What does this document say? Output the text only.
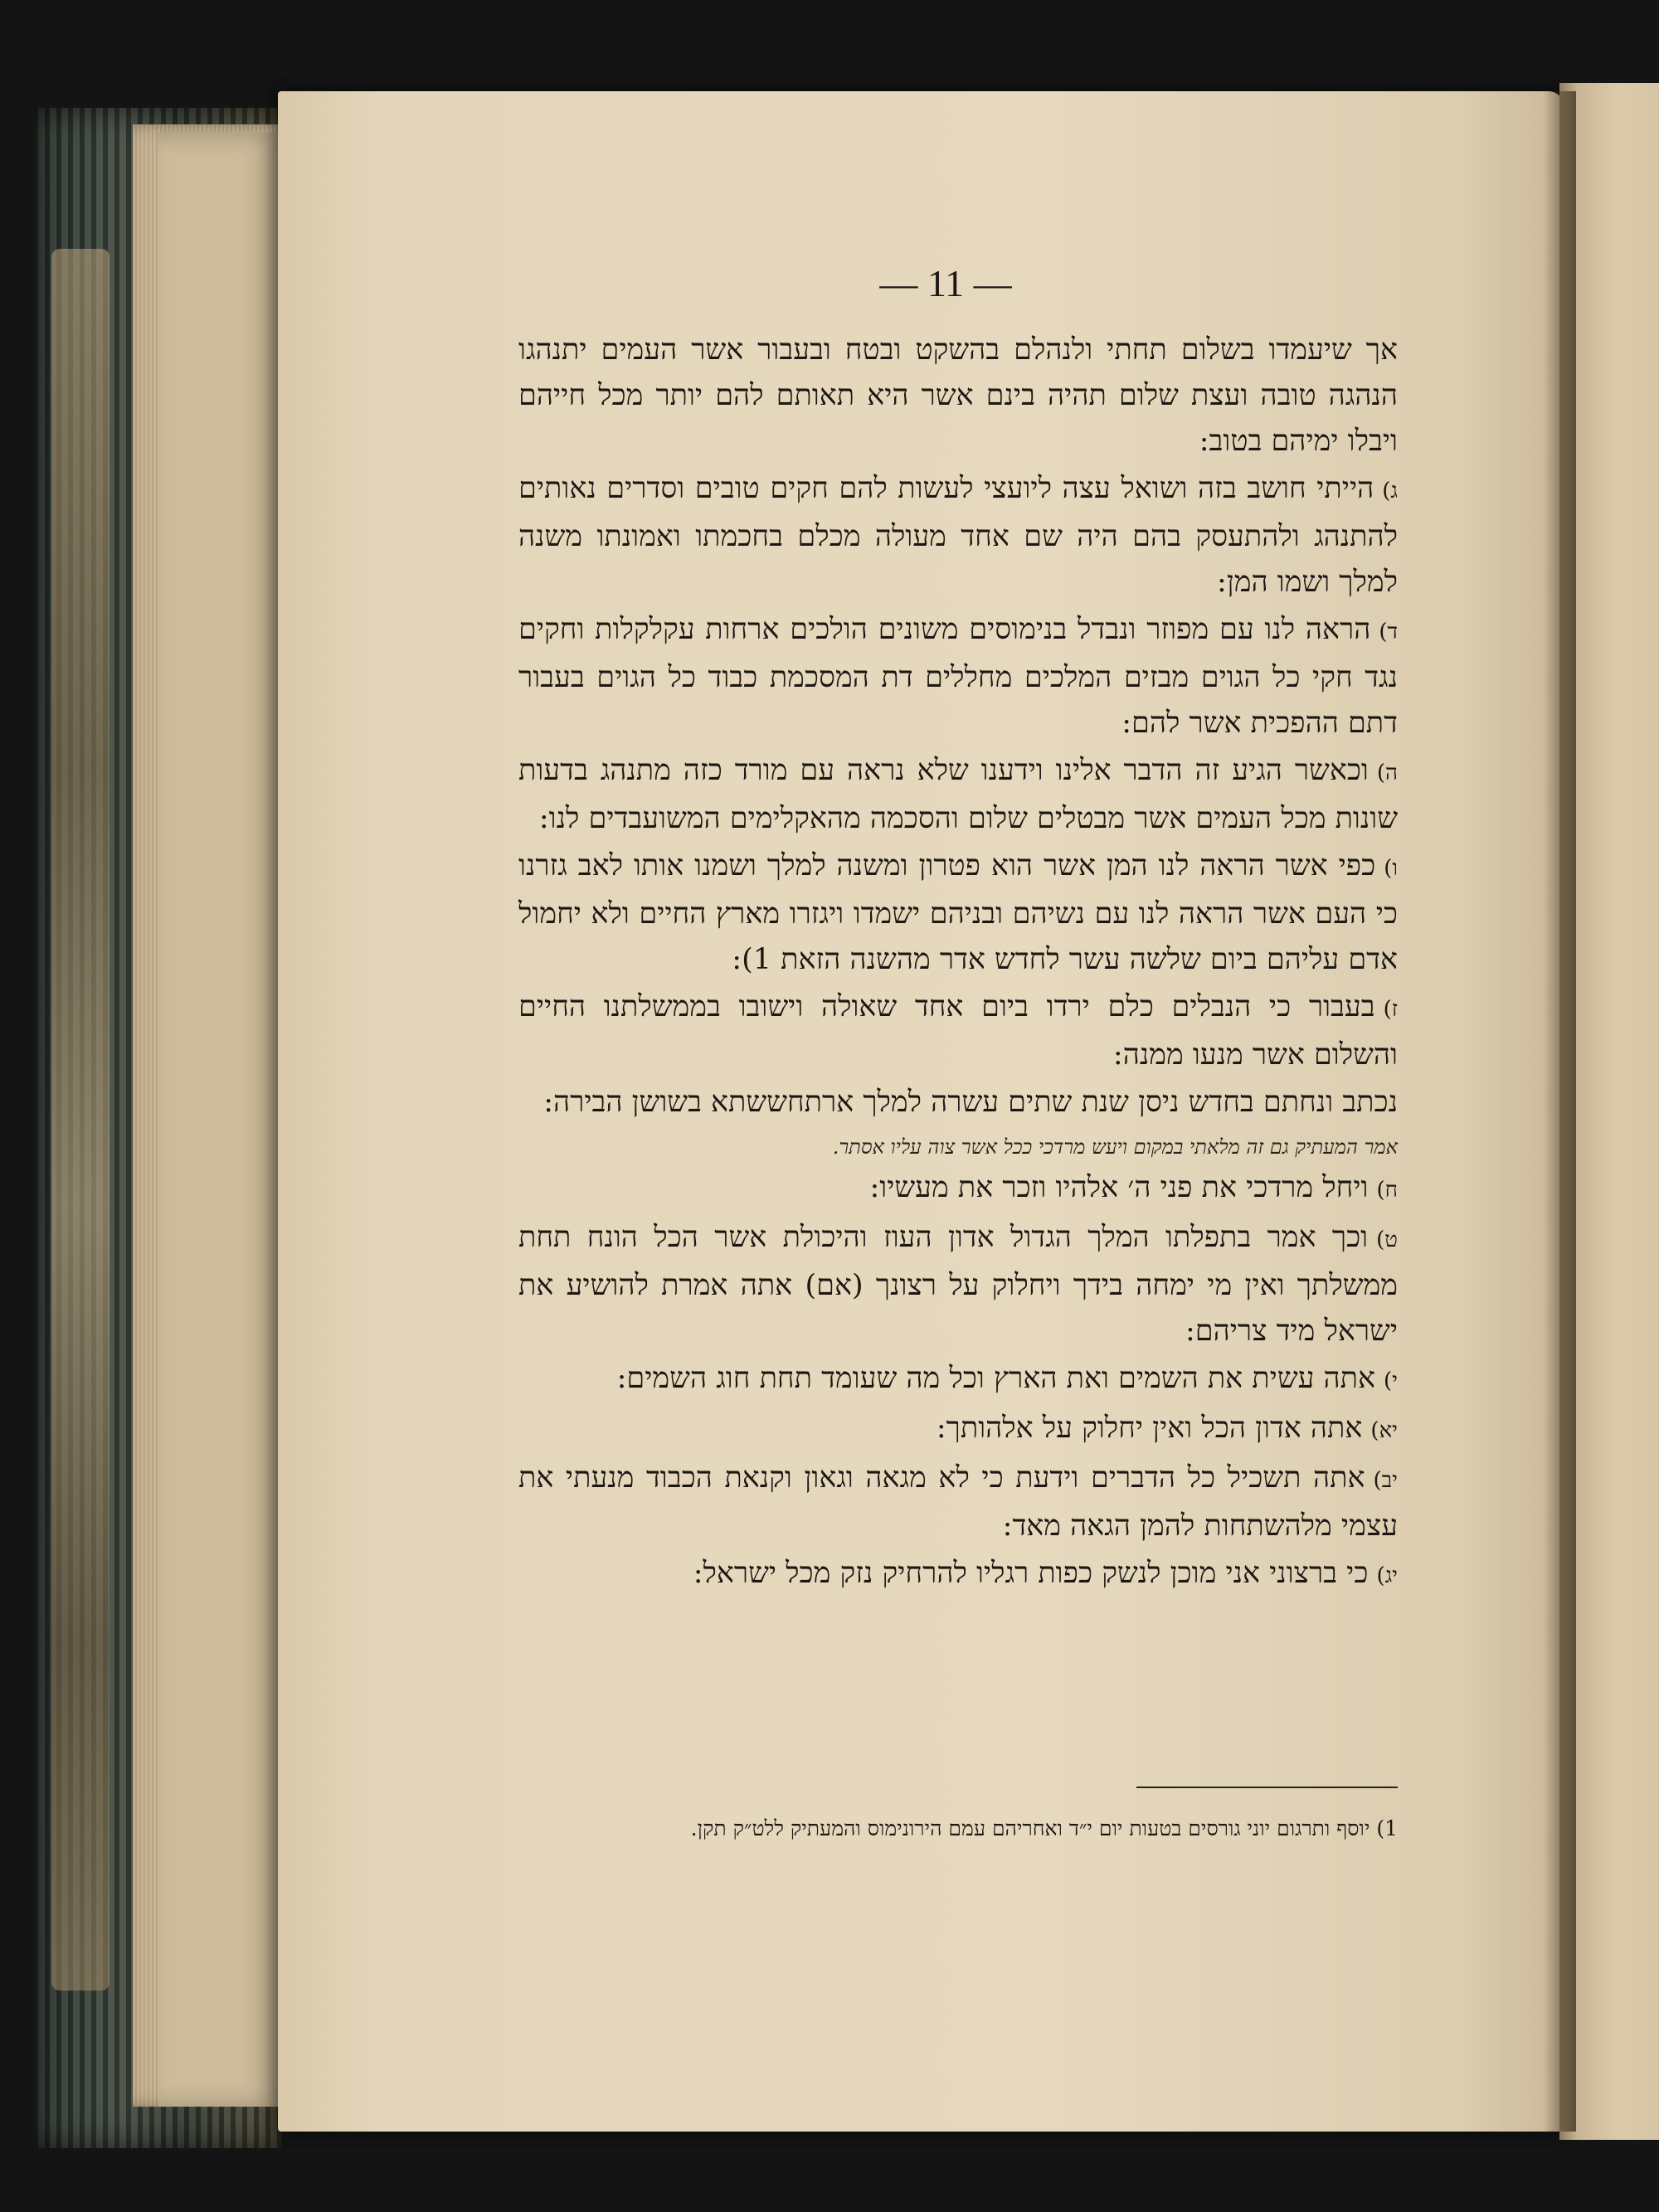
— 11 —

אך שיעמדו בשלום תחתי ולנהלם בהשקט ובטח ובעבור אשר העמים יתנהגו הנהגה טובה ועצת שלום תהיה בינם אשר היא תאותם להם יותר מכל חייהם ויבלו ימיהם בטוב:

ג)הייתי חושב בזה ושואל עצה ליועצי לעשות להם חקים טובים וסדרים נאותים להתנהג ולהתעסק בהם היה שם אחד מעולה מכלם בחכמתו ואמונתו משנה למלך ושמו המן:

ד)הראה לנו עם מפוזר ונבדל בנימוסים משונים הולכים ארחות עקלקלות וחקים נגד חקי כל הגוים מבזים המלכים מחללים דת המסכמת כבוד כל הגוים בעבור דתם ההפכית אשר להם:

ה)וכאשר הגיע זה הדבר אלינו וידענו שלא נראה עם מורד כזה מתנהג בדעות שונות מכל העמים אשר מבטלים שלום והסכמה מהאקלימים המשועבדים לנו:

ו)כפי אשר הראה לנו המן אשר הוא פטרון ומשנה למלך ושמנו אותו לאב גזרנו כי העם אשר הראה לנו עם נשיהם ובניהם ישמדו ויגזרו מארץ החיים ולא יחמול אדם עליהם ביום שלשה עשר לחדש אדר מהשנה הזאת 1):

ז)בעבור כי הנבלים כלם ירדו ביום אחד שאולה וישובו בממשלתנו החיים והשלום אשר מנעו ממנה:

נכתב ונחתם בחדש ניסן שנת שתים עשרה למלך ארתחששתא בשושן הבירה:

אמר המעתיק גם זה מלאתי במקום ויעש מרדכי ככל אשר צוה עליו אסתר.

ח)ויחל מרדכי את פני ה׳ אלהיו וזכר את מעשיו:

ט)וכך אמר בתפלתו המלך הגדול אדון העוז והיכולת אשר הכל הונח תחת ממשלתך ואין מי ימחה בידך ויחלוק על רצונך (אם) אתה אמרת להושיע את ישראל מיד צריהם:

י)אתה עשית את השמים ואת הארץ וכל מה שעומד תחת חוג השמים:

יא)אתה אדון הכל ואין יחלוק על אלהותך:

יב)אתה תשכיל כל הדברים וידעת כי לא מגאה וגאון וקנאת הכבוד מנעתי את עצמי מלהשתחות להמן הגאה מאד:

יג)כי ברצוני אני מוכן לנשק כפות רגליו להרחיק נזק מכל ישראל:

1) יוסף ותרגום יוני גורסים בטעות יום י״ד ואחריהם עמם הירונימוס והמעתיק ללט״ק תקן.
